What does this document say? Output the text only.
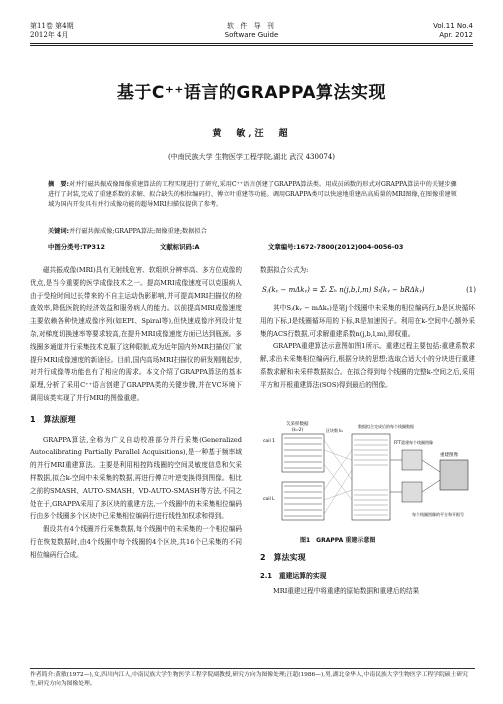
第11卷 第4期
2012年 4月
软 件 导 刊
Software Guide
Vol.11 No.4
Apr. 2012
基于C⁺⁺语言的GRAPPA算法实现
黄　敏,汪　超
(中南民族大学 生物医学工程学院,湖北 武汉 430074)
摘　要:对并行磁共振成像图像重建算法的工程实现进行了研究,采用C⁺⁺语言创建了GRAPPA算法类。用成员函数的形式对GRAPPA算法中的关键步骤进行了封装,完成了重建系数的求解、拟合缺失的相位编码行、傅立叶重建等功能。调用GRAPPA类可以快速地重建出高质量的MRI图像,在图像重建领域为国内开发具有并行成像功能的超导MRI扫描仪提供了参考。
关键词:并行磁共振成像;GRAPPA算法;图像重建;数据拟合
中图分类号:TP312	文献标识码:A	文章编号:1672-7800(2012)004-0056-03

磁共振成像(MRI)具有无射线危害、软组织分辨率高、多方位成像的优点,是当今重要的医学成像技术之一。提高MRI成像速度可以克服病人由于受检时间过长带来的不自主运动伪影影响,并可提高MRI扫描仪的检查效率,降低医院的经济效益和服务病人的能力。以前提高MRI成像速度主要依赖各种快速成像序列(如EPI、Spiral等),但快速成像序列设计复杂,对梯度切换速率等要求较高,在提升MRI成像速度方面已达到瓶颈。多线圈多通道并行采集技术克服了这种限制,成为近年国内外MR扫描仪厂家提升MRI成像速度的新途径。目前,国内高场MRI扫描仪的研发刚刚起步,对并行成像等功能也有了相应的需求。本文介绍了GRAPPA算法的基本原理,分析了采用C⁺⁺语言创建了GRAPPA类的关键步骤,并在VC环境下调用该类实现了并行MRI的图像重建。

1　算法原理

GRAPPA算法,全称为广义自动校准部分并行采集(Generalized Autocalibrating Partially Parallel Acquisitions),是一种基于频率域的并行MRI重建算法。主要是利用相控阵线圈的空间灵敏度信息和欠采样数据,拟合k-空间中未采集的数据,再进行傅立叶逆变换得到图像。相比之前的SMASH、AUTO-SMASH、VD-AUTO-SMASH等方法,不同之处在于,GRAPPA采用了多区块的重建方法,一个线圈中的未采集相位编码行由多个线圈多个区块中已采集相位编码行进行线性加权求和得到。

假设共有4个线圈并行采集数据,每个线圈中的未采集的一个相位编码行在恢复数据时,由4个线圈中每个线圈的4个区块,共16个已采集的不同相位编码行合成。

数据拟合公式为:
Sⱼ(kᵧ − mΔkᵧ) = Σₗ Σₕ n(j,b,l,m) Sₗ(kᵧ − bRΔkᵧ)	(1)

其中Sⱼ(kᵧ − mΔkᵧ)是第j个线圈中未采集的相位编码行,b是区块循环用的下标,l是线圈循环用的下标,R是加速因子。利用在k-空间中心额外采集的ACS行数据,可求解重建系数n(j,b,l,m),即权重。

GRAPPA重建算法示意图如图1所示。重建过程主要包括:重建系数求解,求出未采集相位编码行,根据分块的思想;选取合适大小的分块进行重建系数求解和未采样数据拟合。在拟合得到每个线圈的完整k-空间之后,采用平方和开根重建算法(SOS)得到最后的图像。

欠采样数据
(kₙ-2)
coil 1
coil L
区块数 kₙ
数据拟合完成后的每个线圈数据
FFT重建每个线圈图像
重建图像
每个线圈图像的平方和开根号
图1　GRAPPA 重建示意图
2　算法实现
2.1　重建运算的实现

MRI重建过程中将重建的原始数据和重建后的结果

作者简介:黄敏(1972—),女,四川内江人,中南民族大学生物医学工程学院副教授,研究方向为图像处理;汪超(1986—),男,湖北金华人,中南民族大学生物医学工程学院硕士研究生,研究方向为图像处理。
